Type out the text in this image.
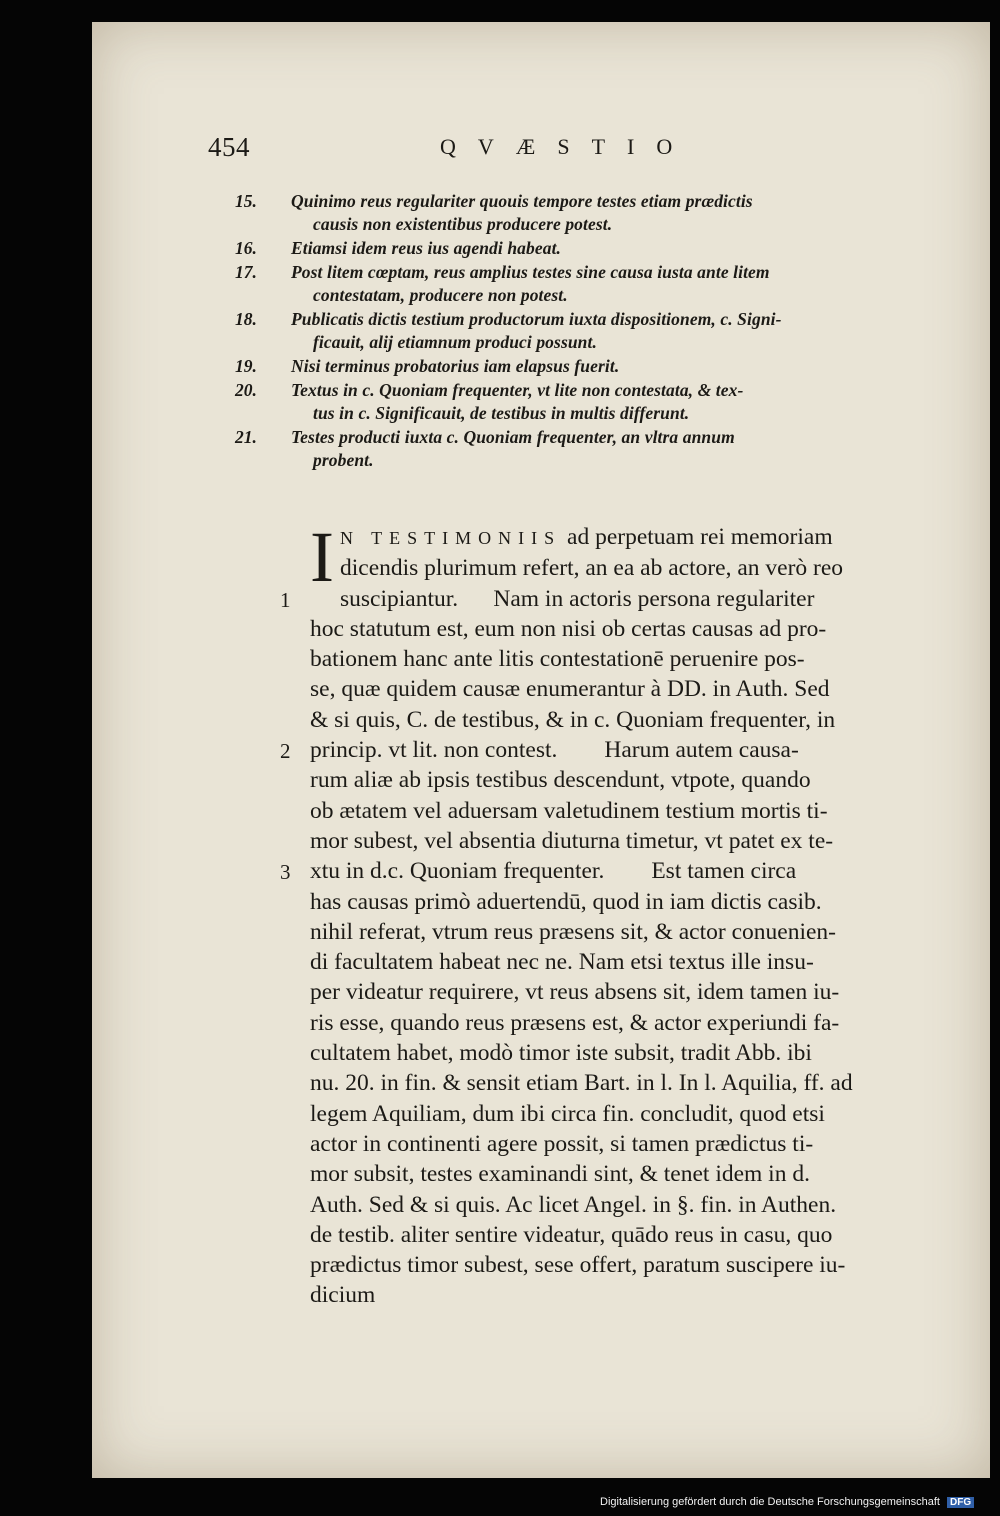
454	QVÆSTIO
15.	Quinimo reus regulariter quouis tempore testes etiam prædictis

causis non existentibus producere potest.
16.	Etiamsi idem reus ius agendi habeat.

17.	Post litem cœptam, reus amplius testes sine causa iusta ante litem

contestatam, producere non potest.
18.	Publicatis dictis testium productorum iuxta dispositionem, c. Signi-

ficauit, alij etiamnum produci possunt.
19.	Nisi terminus probatorius iam elapsus fuerit.

20.	Textus in c. Quoniam frequenter, vt lite non contestata, & tex-

tus in c. Significauit, de testibus in multis differunt.
21.	Testes producti iuxta c. Quoniam frequenter, an vltra annum

probent.
I N TESTIMONIIS ad perpetuam rei memoriam
dicendis plurimum refert, an ea ab actore, an verò reo
suscipiantur.      Nam in actoris persona regulariter
hoc statutum est, eum non nisi ob certas causas ad pro-
bationem hanc ante litis contestationē peruenire pos-
se, quæ quidem causæ enumerantur à DD. in Auth. Sed
& si quis, C. de testibus, & in c. Quoniam frequenter, in
princip. vt lit. non contest.        Harum autem causa-
rum aliæ ab ipsis testibus descendunt, vtpote, quando
ob ætatem vel aduersam valetudinem testium mortis ti-
mor subest, vel absentia diuturna timetur, vt patet ex te-
xtu in d.c. Quoniam frequenter.        Est tamen circa
has causas primò aduertendū, quod in iam dictis casib.
nihil referat, vtrum reus præsens sit, & actor conuenien-
di facultatem habeat nec ne. Nam etsi textus ille insu-
per videatur requirere, vt reus absens sit, idem tamen iu-
ris esse, quando reus præsens est, & actor experiundi fa-
cultatem habet, modò timor iste subsit, tradit Abb. ibi
nu. 20. in fin. & sensit etiam Bart. in l. In l. Aquilia, ff. ad
legem Aquiliam, dum ibi circa fin. concludit, quod etsi
actor in continenti agere possit, si tamen prædictus ti-
mor subsit, testes examinandi sint, & tenet idem in d.
Auth. Sed & si quis. Ac licet Angel. in §. fin. in Authen.
de testib. aliter sentire videatur, quādo reus in casu, quo
prædictus timor subest, sese offert, paratum suscipere iu-
dicium

1
2
3
Digitalisierung gefördert durch die Deutsche Forschungsgemeinschaft DFG
